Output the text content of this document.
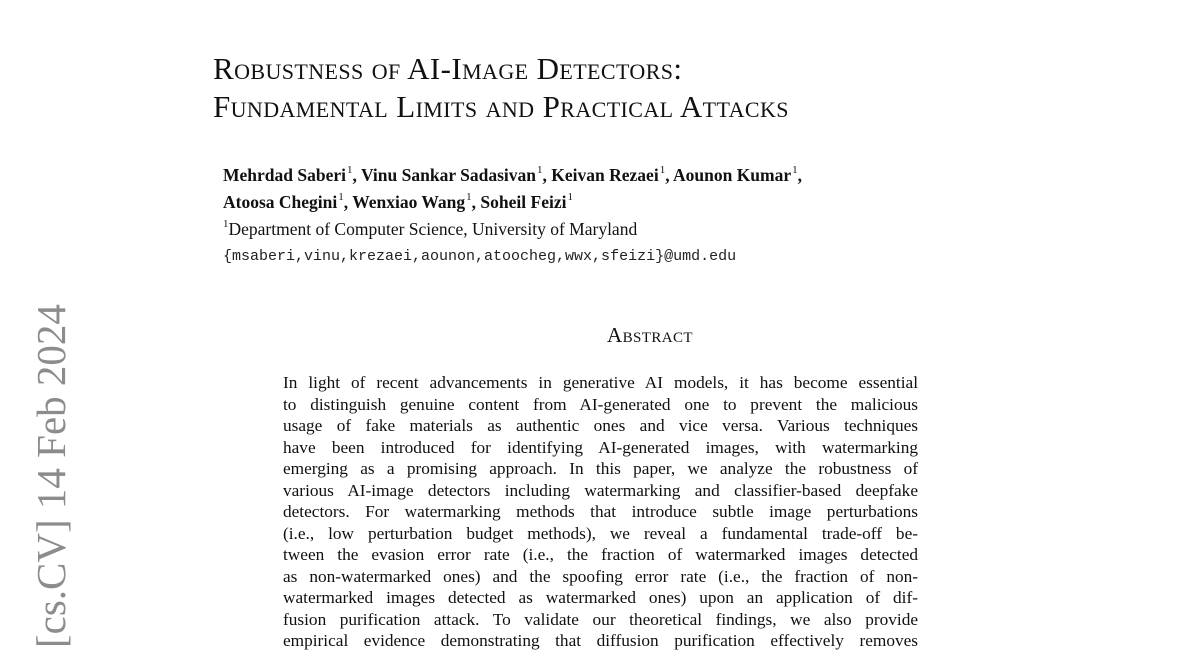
Robustness of AI-Image Detectors:
Fundamental Limits and Practical Attacks
Mehrdad Saberi$^1$, Vinu Sankar Sadasivan$^1$, Keivan Rezaei$^1$, Aounon Kumar$^1$,
Atoosa Chegini$^1$, Wenxiao Wang$^1$, Soheil Feizi$^1$
$^1$Department of Computer Science, University of Maryland
{msaberi,vinu,krezaei,aounon,atoocheg,wwx,sfeizi}@umd.edu
[cs.CV] 14 Feb 2024	Abstract
In light of recent advancements in generative AI models, it has become essential
to distinguish genuine content from AI-generated one to prevent the malicious
usage of fake materials as authentic ones and vice versa. Various techniques
have been introduced for identifying AI-generated images, with watermarking
emerging as a promising approach. In this paper, we analyze the robustness of
various AI-image detectors including watermarking and classifier-based deepfake
detectors. For watermarking methods that introduce subtle image perturbations
(i.e., low perturbation budget methods), we reveal a fundamental trade-off be-
tween the evasion error rate (i.e., the fraction of watermarked images detected
as non-watermarked ones) and the spoofing error rate (i.e., the fraction of non-
watermarked images detected as watermarked ones) upon an application of dif-
fusion purification attack. To validate our theoretical findings, we also provide
empirical evidence demonstrating that diffusion purification effectively removes
